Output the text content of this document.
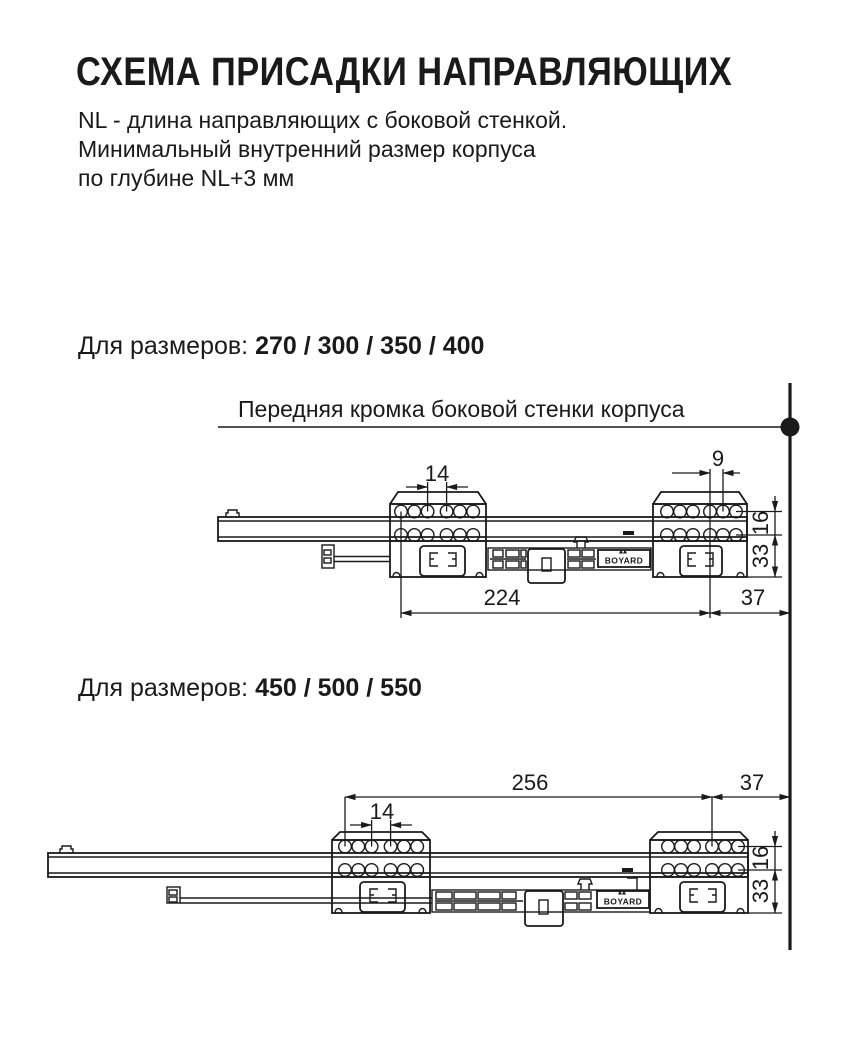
СХЕМА ПРИСАДКИ НАПРАВЛЯЮЩИХ
NL - длина направляющих с боковой стенкой.
Минимальный внутренний размер корпуса
по глубине NL+3 мм
Для размеров: 270 / 300 / 350 / 400
Передняя кромка боковой стенки корпуса
Для размеров: 450 / 500 / 550
BOYARD
14
9
16
33
224	37
BOYARD
256	37
14
16
33
